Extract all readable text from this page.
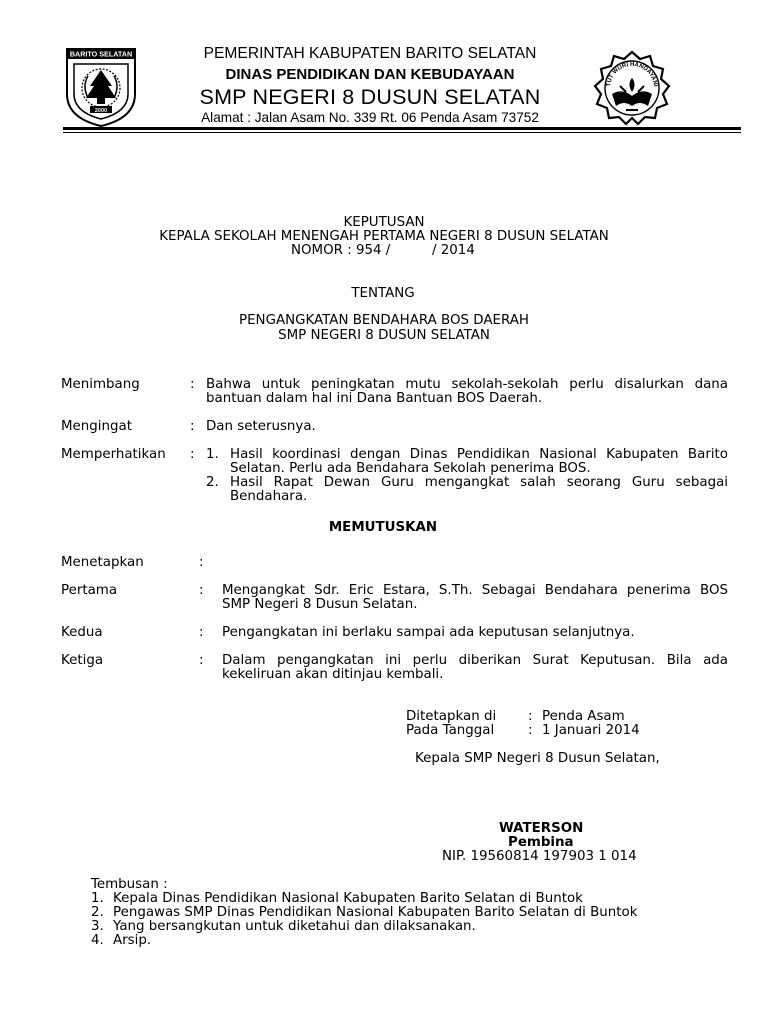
BARITO SELATAN
2000
PEMERINTAH KABUPATEN BARITO SELATAN
DINAS PENDIDIKAN DAN KEBUDAYAAN
SMP NEGERI 8 DUSUN SELATAN
Alamat : Jalan Asam No. 339 Rt. 06 Penda Asam 73752
TUT WURI HANDAYANI
KEPUTUSAN
KEPALA SEKOLAH MENENGAH PERTAMA NEGERI 8 DUSUN SELATAN
NOMOR : 954 /	/ 2014
TENTANG
PENGANGKATAN BENDAHARA BOS DAERAH
SMP NEGERI 8 DUSUN SELATAN
Menimbang	: Bahwa untuk peningkatan mutu sekolah-sekolah perlu disalurkan dana
bantuan dalam hal ini Dana Bantuan BOS Daerah.
Mengingat	: Dan seterusnya.
Memperhatikan : 1. Hasil koordinasi dengan Dinas Pendidikan Nasional Kabupaten Barito
Selatan. Perlu ada Bendahara Sekolah penerima BOS.
2. Hasil Rapat Dewan Guru mengangkat salah seorang Guru sebagai
Bendahara.
MEMUTUSKAN
Menetapkan	:
Pertama	: Mengangkat Sdr. Eric Estara, S.Th. Sebagai Bendahara penerima BOS
SMP Negeri 8 Dusun Selatan.
Kedua	: Pengangkatan ini berlaku sampai ada keputusan selanjutnya.
Ketiga	: Dalam pengangkatan ini perlu diberikan Surat Keputusan. Bila ada
kekeliruan akan ditinjau kembali.
Ditetapkan di : Penda Asam
Pada Tanggal	: 1 Januari 2014
Kepala SMP Negeri 8 Dusun Selatan,
WATERSON
Pembina
NIP. 19560814 197903 1 014
Tembusan :
1. Kepala Dinas Pendidikan Nasional Kabupaten Barito Selatan di Buntok
2. Pengawas SMP Dinas Pendidikan Nasional Kabupaten Barito Selatan di Buntok
3. Yang bersangkutan untuk diketahui dan dilaksanakan.
4. Arsip.
